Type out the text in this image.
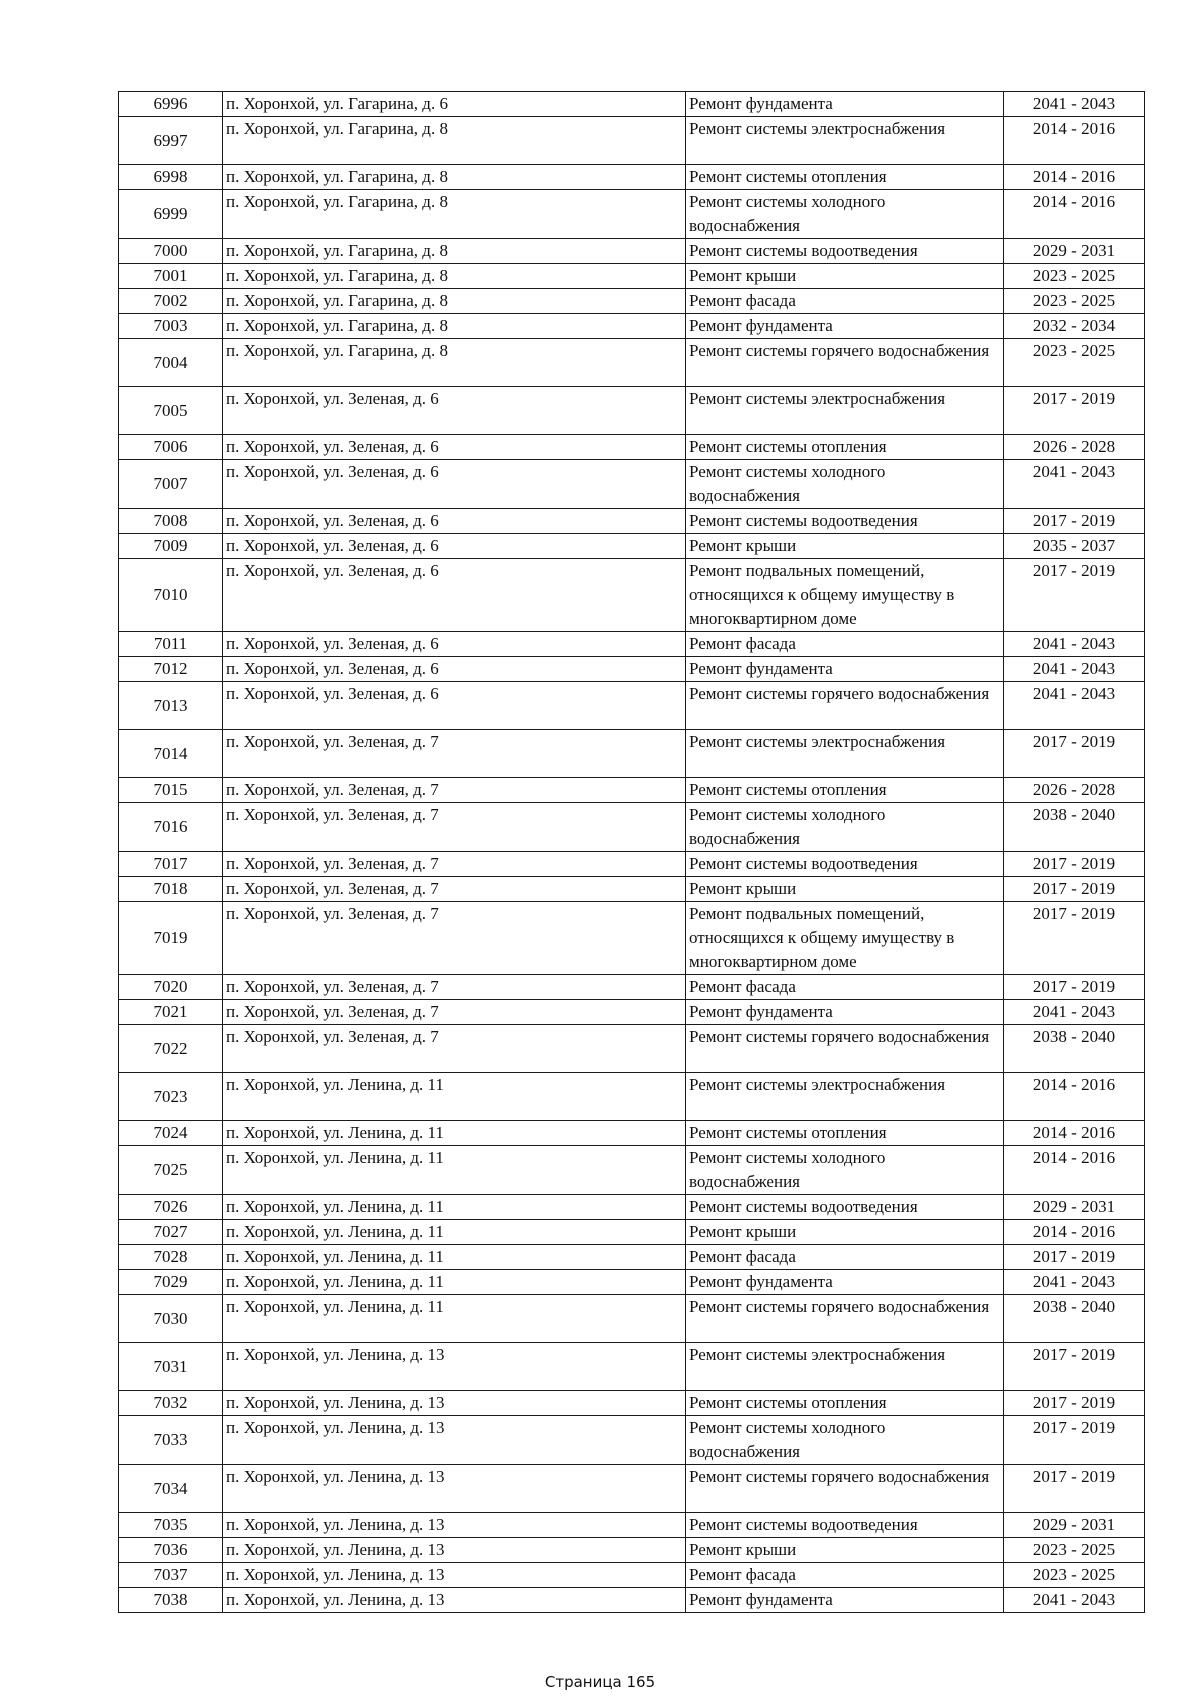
6996	п. Хоронхой, ул. Гагарина, д. 6	Ремонт фундамента	2041 - 2043
6997	п. Хоронхой, ул. Гагарина, д. 8	Ремонт системы электроснабжения	2014 - 2016
6998	п. Хоронхой, ул. Гагарина, д. 8	Ремонт системы отопления	2014 - 2016
6999	п. Хоронхой, ул. Гагарина, д. 8	Ремонт системы холодного водоснабжения	2014 - 2016
7000	п. Хоронхой, ул. Гагарина, д. 8	Ремонт системы водоотведения	2029 - 2031
7001	п. Хоронхой, ул. Гагарина, д. 8	Ремонт крыши	2023 - 2025
7002	п. Хоронхой, ул. Гагарина, д. 8	Ремонт фасада	2023 - 2025
7003	п. Хоронхой, ул. Гагарина, д. 8	Ремонт фундамента	2032 - 2034
7004	п. Хоронхой, ул. Гагарина, д. 8	Ремонт системы горячего водоснабжения	2023 - 2025
7005	п. Хоронхой, ул. Зеленая, д. 6	Ремонт системы электроснабжения	2017 - 2019
7006	п. Хоронхой, ул. Зеленая, д. 6	Ремонт системы отопления	2026 - 2028
7007	п. Хоронхой, ул. Зеленая, д. 6	Ремонт системы холодного водоснабжения	2041 - 2043
7008	п. Хоронхой, ул. Зеленая, д. 6	Ремонт системы водоотведения	2017 - 2019
7009	п. Хоронхой, ул. Зеленая, д. 6	Ремонт крыши	2035 - 2037
7010	п. Хоронхой, ул. Зеленая, д. 6	Ремонт подвальных помещений, относящихся к общему имуществу в многоквартирном доме	2017 - 2019
7011	п. Хоронхой, ул. Зеленая, д. 6	Ремонт фасада	2041 - 2043
7012	п. Хоронхой, ул. Зеленая, д. 6	Ремонт фундамента	2041 - 2043
7013	п. Хоронхой, ул. Зеленая, д. 6	Ремонт системы горячего водоснабжения	2041 - 2043
7014	п. Хоронхой, ул. Зеленая, д. 7	Ремонт системы электроснабжения	2017 - 2019
7015	п. Хоронхой, ул. Зеленая, д. 7	Ремонт системы отопления	2026 - 2028
7016	п. Хоронхой, ул. Зеленая, д. 7	Ремонт системы холодного водоснабжения	2038 - 2040
7017	п. Хоронхой, ул. Зеленая, д. 7	Ремонт системы водоотведения	2017 - 2019
7018	п. Хоронхой, ул. Зеленая, д. 7	Ремонт крыши	2017 - 2019
7019	п. Хоронхой, ул. Зеленая, д. 7	Ремонт подвальных помещений, относящихся к общему имуществу в многоквартирном доме	2017 - 2019
7020	п. Хоронхой, ул. Зеленая, д. 7	Ремонт фасада	2017 - 2019
7021	п. Хоронхой, ул. Зеленая, д. 7	Ремонт фундамента	2041 - 2043
7022	п. Хоронхой, ул. Зеленая, д. 7	Ремонт системы горячего водоснабжения	2038 - 2040
7023	п. Хоронхой, ул. Ленина, д. 11	Ремонт системы электроснабжения	2014 - 2016
7024	п. Хоронхой, ул. Ленина, д. 11	Ремонт системы отопления	2014 - 2016
7025	п. Хоронхой, ул. Ленина, д. 11	Ремонт системы холодного водоснабжения	2014 - 2016
7026	п. Хоронхой, ул. Ленина, д. 11	Ремонт системы водоотведения	2029 - 2031
7027	п. Хоронхой, ул. Ленина, д. 11	Ремонт крыши	2014 - 2016
7028	п. Хоронхой, ул. Ленина, д. 11	Ремонт фасада	2017 - 2019
7029	п. Хоронхой, ул. Ленина, д. 11	Ремонт фундамента	2041 - 2043
7030	п. Хоронхой, ул. Ленина, д. 11	Ремонт системы горячего водоснабжения	2038 - 2040
7031	п. Хоронхой, ул. Ленина, д. 13	Ремонт системы электроснабжения	2017 - 2019
7032	п. Хоронхой, ул. Ленина, д. 13	Ремонт системы отопления	2017 - 2019
7033	п. Хоронхой, ул. Ленина, д. 13	Ремонт системы холодного водоснабжения	2017 - 2019
7034	п. Хоронхой, ул. Ленина, д. 13	Ремонт системы горячего водоснабжения	2017 - 2019
7035	п. Хоронхой, ул. Ленина, д. 13	Ремонт системы водоотведения	2029 - 2031
7036	п. Хоронхой, ул. Ленина, д. 13	Ремонт крыши	2023 - 2025
7037	п. Хоронхой, ул. Ленина, д. 13	Ремонт фасада	2023 - 2025
7038	п. Хоронхой, ул. Ленина, д. 13	Ремонт фундамента	2041 - 2043
Страница 165
